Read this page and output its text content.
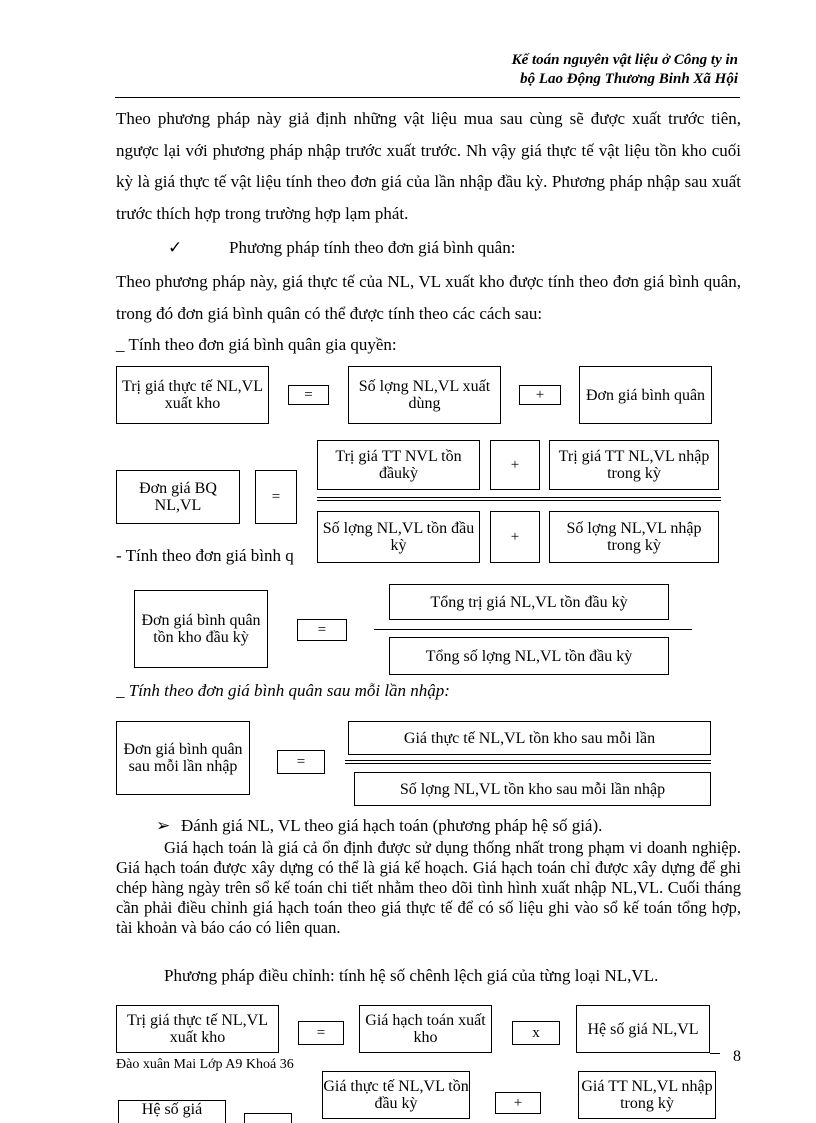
Kế toán nguyên vật liệu ở Công ty in
bộ Lao Động Thương Binh Xã Hội
Theo phương pháp này giả định những vật liệu mua sau cùng sẽ được xuất trước tiên, ngược lại với phương pháp nhập trước xuất trước. Nh vậy giá thực tế vật liệu tồn kho cuối kỳ là giá thực tế vật liệu tính theo đơn giá của lần nhập đầu kỳ. Phương pháp nhập sau xuất trước thích hợp trong trường hợp lạm phát.
✓	Phương pháp tính theo đơn giá bình quân:
Theo phương pháp này, giá thực tế của NL, VL xuất kho được tính theo đơn giá bình quân, trong đó đơn giá bình quân có thể được tính theo các cách sau:
_ Tính theo đơn giá bình quân gia quyền:
Trị giá thực tế NL,VL xuất kho
=	Số lợng NL,VL xuất dùng
+	Đơn giá bình quân
Đơn giá BQ NL,VL
=
Trị giá TT NVL tồn đầukỳ
+	Trị giá TT NL,VL nhập trong kỳ
Số lợng NL,VL tồn đầu kỳ
+	Số lợng NL,VL nhập trong kỳ
- Tính theo đơn giá bình q
Đơn giá bình quân tồn kho đầu kỳ	=
Tổng trị giá NL,VL tồn đầu kỳ
Tổng số lợng NL,VL tồn đầu kỳ
_ Tính theo đơn giá bình quân sau mỗi lần nhập:
Đơn giá bình quân sau mỗi lần nhập	=
Giá thực tế NL,VL tồn kho sau mỗi lần
Số lợng NL,VL tồn kho sau mỗi lần nhập
➢ Đánh giá NL, VL theo giá hạch toán (phương pháp hệ số giá).
Giá hạch toán là giá cả ổn định được sử dụng thống nhất trong phạm vi doanh nghiệp. Giá hạch toán được xây dựng có thể là giá kế hoạch. Giá hạch toán chỉ được xây dựng để ghi chép hàng ngày trên sổ kế toán chi tiết nhằm theo dõi tình hình xuất nhập NL,VL. Cuối tháng cần phải điều chỉnh giá hạch toán theo giá thực tế để có số liệu ghi vào sổ kế toán tổng hợp, tài khoản và báo cáo có liên quan.
Phương pháp điều chỉnh: tính hệ số chênh lệch giá của từng loại NL,VL.
Trị giá thực tế NL,VL xuất kho	=
Giá hạch toán xuất kho	x	Hệ số giá NL,VL
Đào xuân Mai Lớp A9 Khoá 36	8
Giá thực tế NL,VL tồn đầu kỳ	+
Giá TT NL,VL nhập trong kỳ
Hệ số giá
